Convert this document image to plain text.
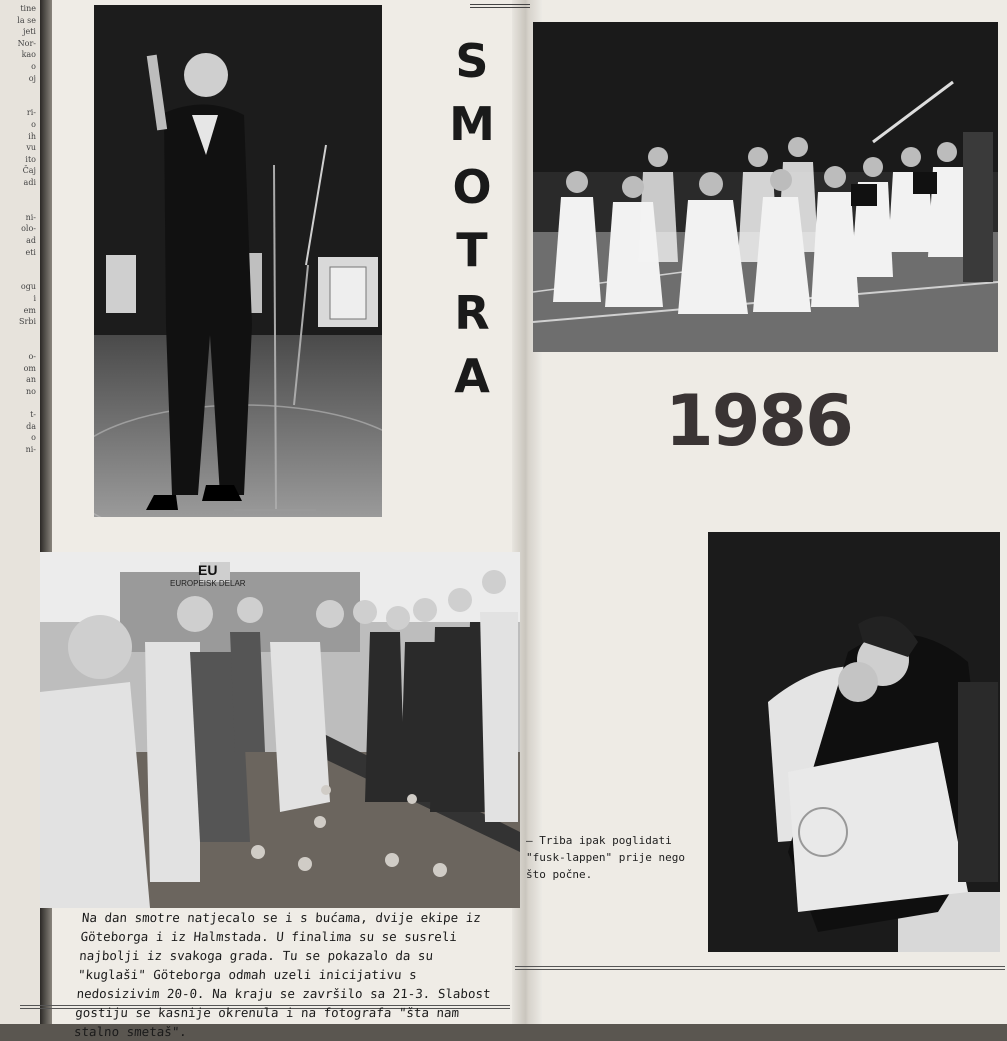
tine
la se
jeti
Nor-
kao
o
oj
ri-
o
ih
vu
ito
Čaj
adi
ni-
olo-
ad
eti
ogu
i
em
Srbi
o-
om
an
no
t-
da
o
ni-
S
M
O
T
R
A
1986
EU
EUROPEISK DELAR
– Triba ipak poglidati "fusk-lappen" prije nego što počne.
Na dan smotre natjecalo se i s bućama, dvije ekipe iz Göteborga i iz Halmstada. U finalima su se susreli najbolji iz svakoga grada. Tu se pokazalo da su "kuglaši" Göteborga odmah uzeli inicijativu s nedosizivim 20-0. Na kraju se završilo sa 21-3. Slabost gostiju se kasnije okrenula i na fotografa "šta nam stalno smetaš".
